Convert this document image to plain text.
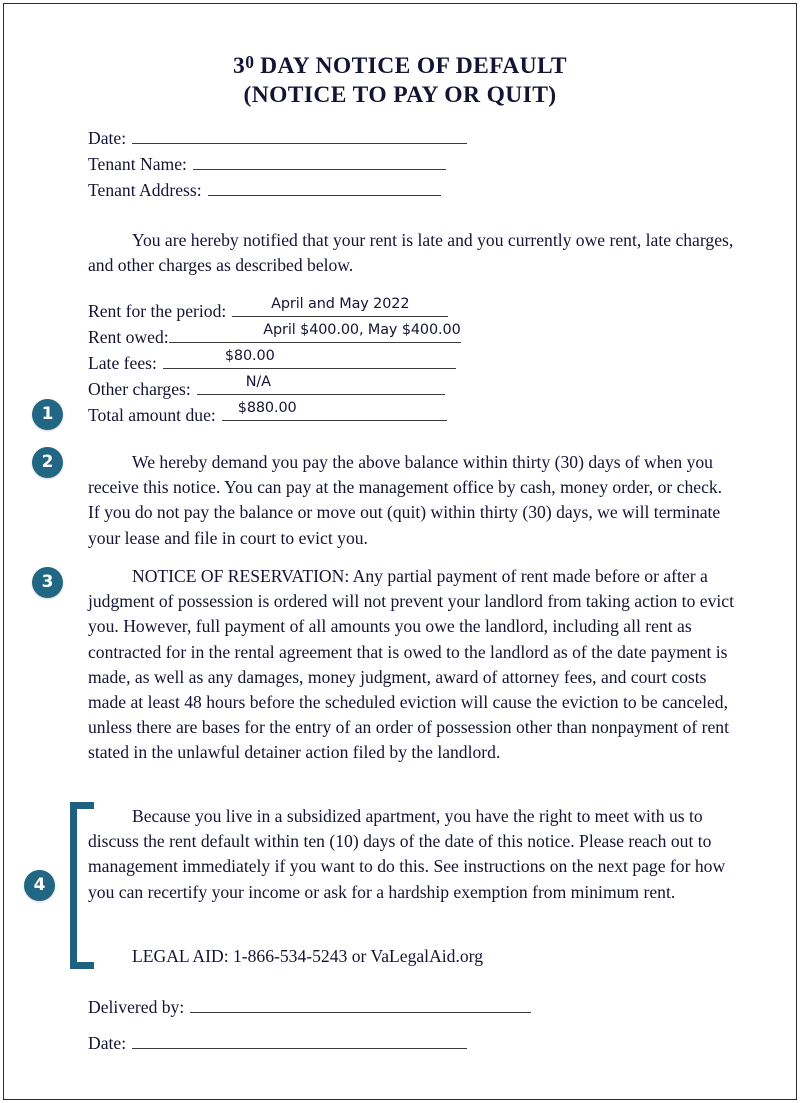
$3^0$ DAY NOTICE OF DEFAULT
(NOTICE TO PAY OR QUIT)
Date:
Tenant Name:
Tenant Address:

You are hereby notified that your rent is late and you currently owe rent, late charges, and other charges as described below.

Rent for the period:	April and May 2022
Rent owed:	April $400.00, May $400.00
Late fees:	$80.00
Other charges:	N/A
Total amount due:	$880.00

We hereby demand you pay the above balance within thirty (30) days of when you receive this notice. You can pay at the management office by cash, money order, or check. If you do not pay the balance or move out (quit) within thirty (30) days, we will terminate your lease and file in court to evict you.

NOTICE OF RESERVATION: Any partial payment of rent made before or after a judgment of possession is ordered will not prevent your landlord from taking action to evict you. However, full payment of all amounts you owe the landlord, including all rent as contracted for in the rental agreement that is owed to the landlord as of the date payment is made, as well as any damages, money judgment, award of attorney fees, and court costs made at least 48 hours before the scheduled eviction will cause the eviction to be canceled, unless there are bases for the entry of an order of possession other than nonpayment of rent stated in the unlawful detainer action filed by the landlord.

Because you live in a subsidized apartment, you have the right to meet with us to discuss the rent default within ten (10) days of the date of this notice. Please reach out to management immediately if you want to do this. See instructions on the next page for how you can recertify your income or ask for a hardship exemption from minimum rent.

LEGAL AID: 1-866-534-5243 or VaLegalAid.org
Delivered by:
Date:
1
2
3
4
